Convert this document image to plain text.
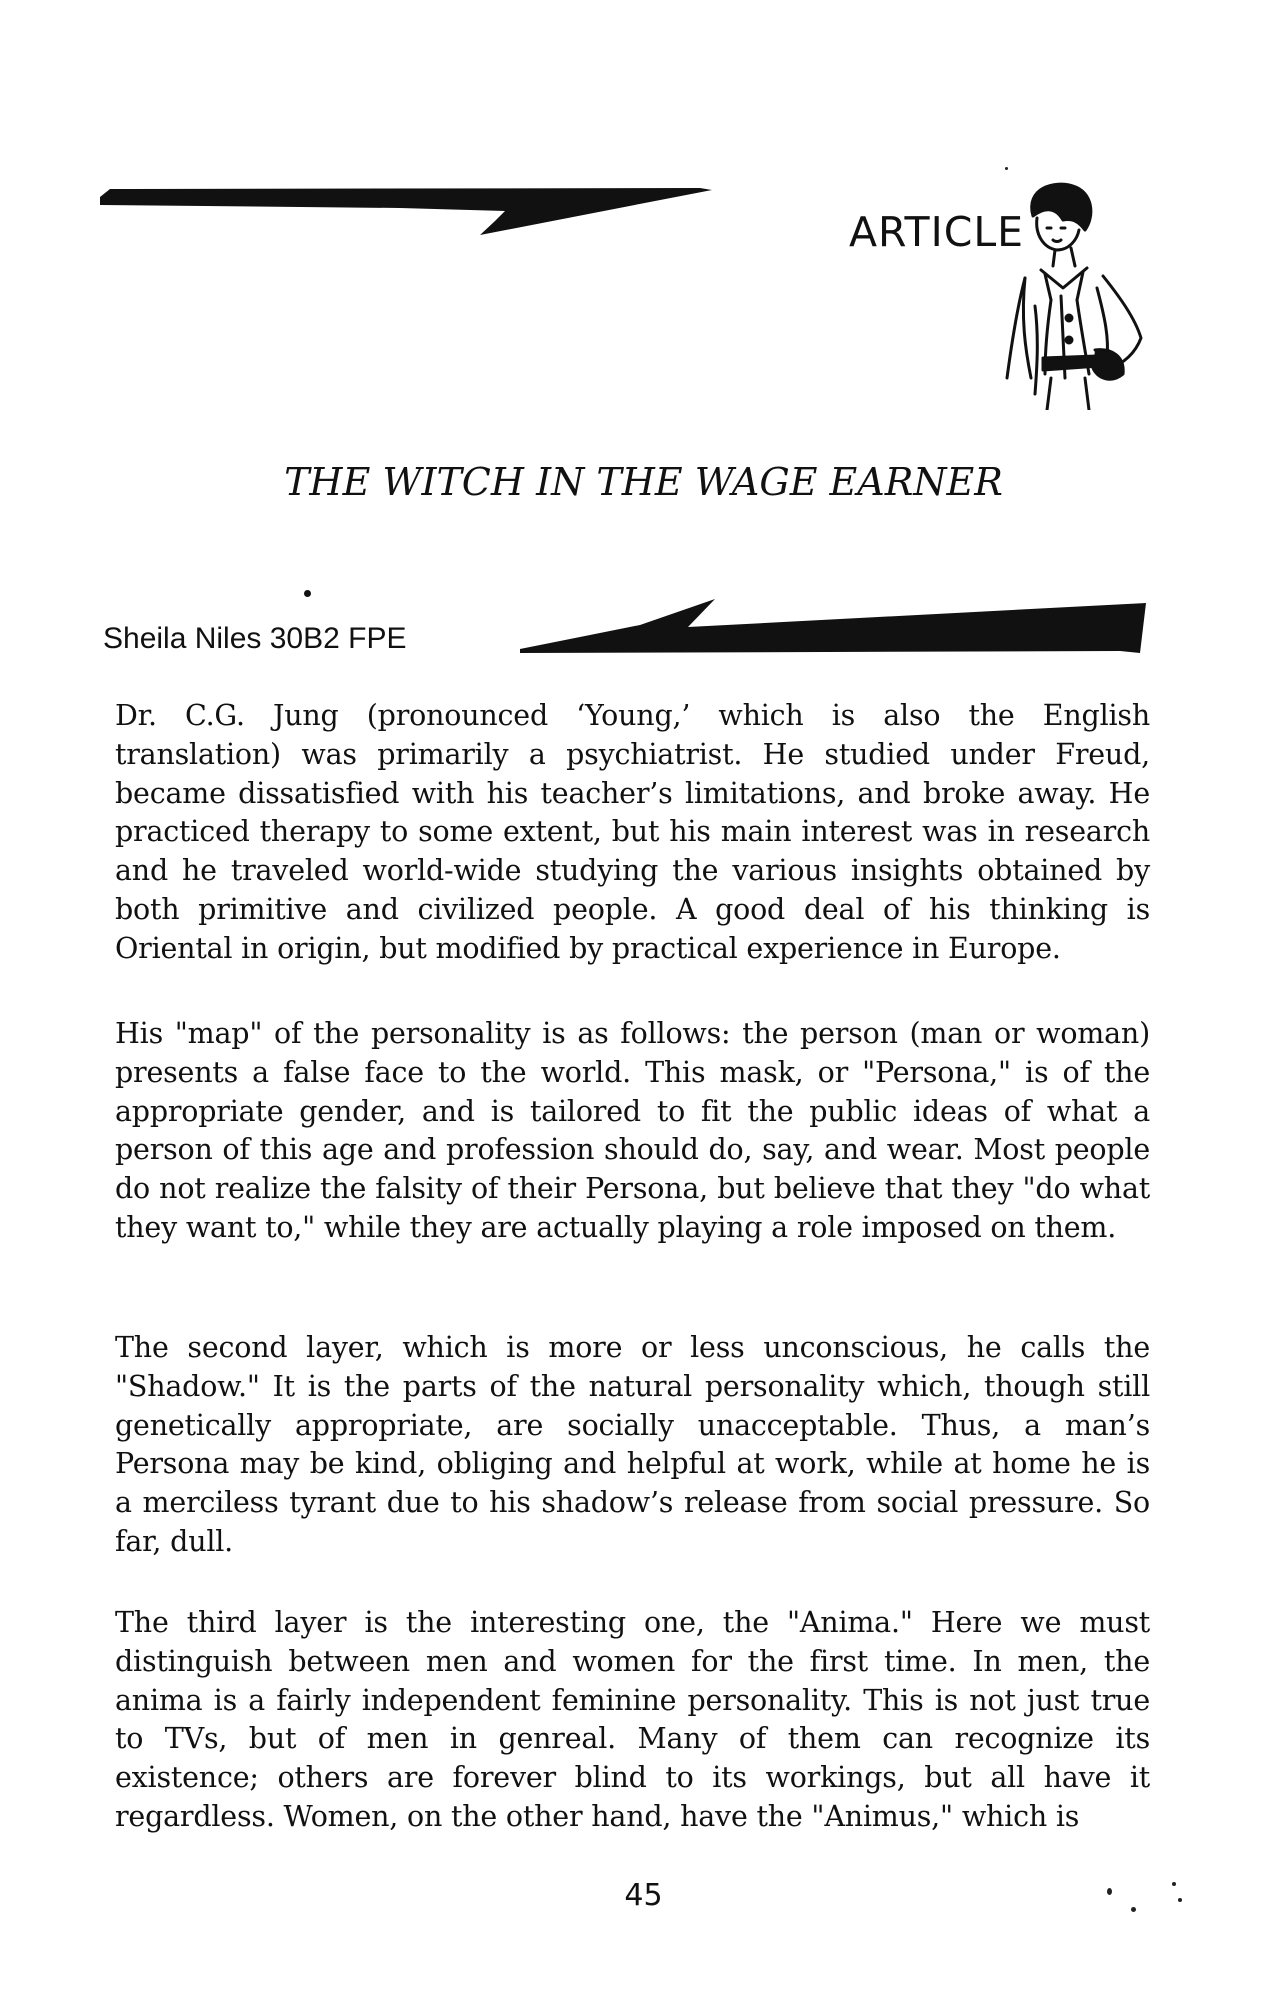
ARTICLE
THE WITCH IN THE WAGE EARNER
Sheila Niles 30B2 FPE

Dr. C.G. Jung (pronounced ‘Young,’ which is also the English translation) was primarily a psychiatrist. He studied under Freud, became dissatisfied with his teacher’s limitations, and broke away. He practiced therapy to some extent, but his main interest was in research and he traveled world-wide studying the various insights obtained by both primitive and civilized people. A good deal of his thinking is Oriental in origin, but modified by practical experience in Europe.

His "map" of the personality is as follows: the person (man or woman) presents a false face to the world. This mask, or "Persona," is of the appropriate gender, and is tailored to fit the public ideas of what a person of this age and profession should do, say, and wear. Most people do not realize the falsity of their Persona, but believe that they "do what they want to," while they are actually playing a role imposed on them.

The second layer, which is more or less unconscious, he calls the "Shadow." It is the parts of the natural personality which, though still genetically appropriate, are socially unacceptable. Thus, a man’s Persona may be kind, obliging and helpful at work, while at home he is a merciless tyrant due to his shadow’s release from social pressure. So far, dull.

The third layer is the interesting one, the "Anima." Here we must distinguish between men and women for the first time. In men, the anima is a fairly independent feminine personality. This is not just true to TVs, but of men in genreal. Many of them can recognize its existence; others are forever blind to its workings, but all have it regardless. Women, on the other hand, have the "Animus," which is

45
